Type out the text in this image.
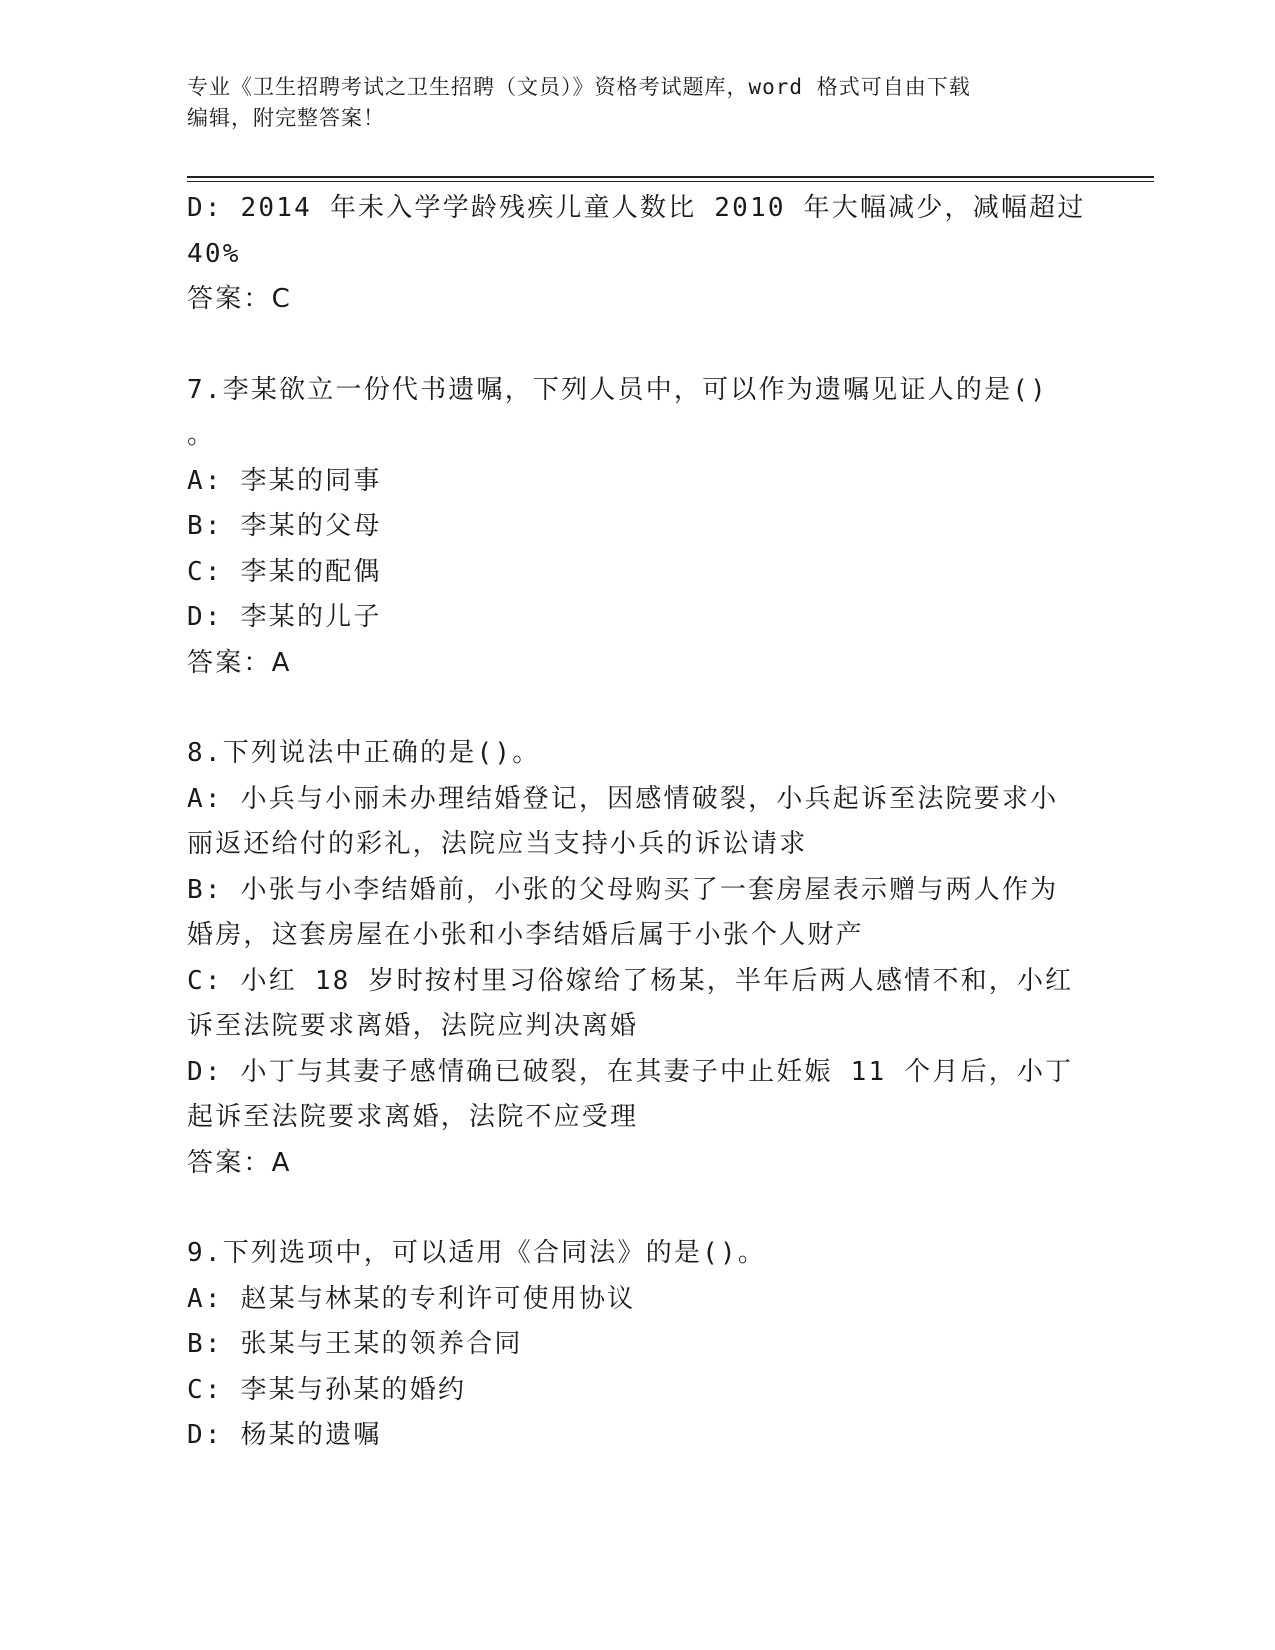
专业《卫生招聘考试之卫生招聘（文员）》资格考试题库，word 格式可自由下载

编辑，附完整答案！

D: 2014 年未入学学龄残疾儿童人数比 2010 年大幅减少，减幅超过
40%
答案：C
7.李某欲立一份代书遗嘱，下列人员中，可以作为遗嘱见证人的是()
。
A: 李某的同事
B: 李某的父母
C: 李某的配偶
D: 李某的儿子
答案：A
8.下列说法中正确的是()。
A: 小兵与小丽未办理结婚登记，因感情破裂，小兵起诉至法院要求小
丽返还给付的彩礼，法院应当支持小兵的诉讼请求
B: 小张与小李结婚前，小张的父母购买了一套房屋表示赠与两人作为
婚房，这套房屋在小张和小李结婚后属于小张个人财产
C: 小红 18 岁时按村里习俗嫁给了杨某，半年后两人感情不和，小红
诉至法院要求离婚，法院应判决离婚
D: 小丁与其妻子感情确已破裂，在其妻子中止妊娠 11 个月后，小丁
起诉至法院要求离婚，法院不应受理
答案：A
9.下列选项中，可以适用《合同法》的是()。
A: 赵某与林某的专利许可使用协议
B: 张某与王某的领养合同
C: 李某与孙某的婚约
D: 杨某的遗嘱
